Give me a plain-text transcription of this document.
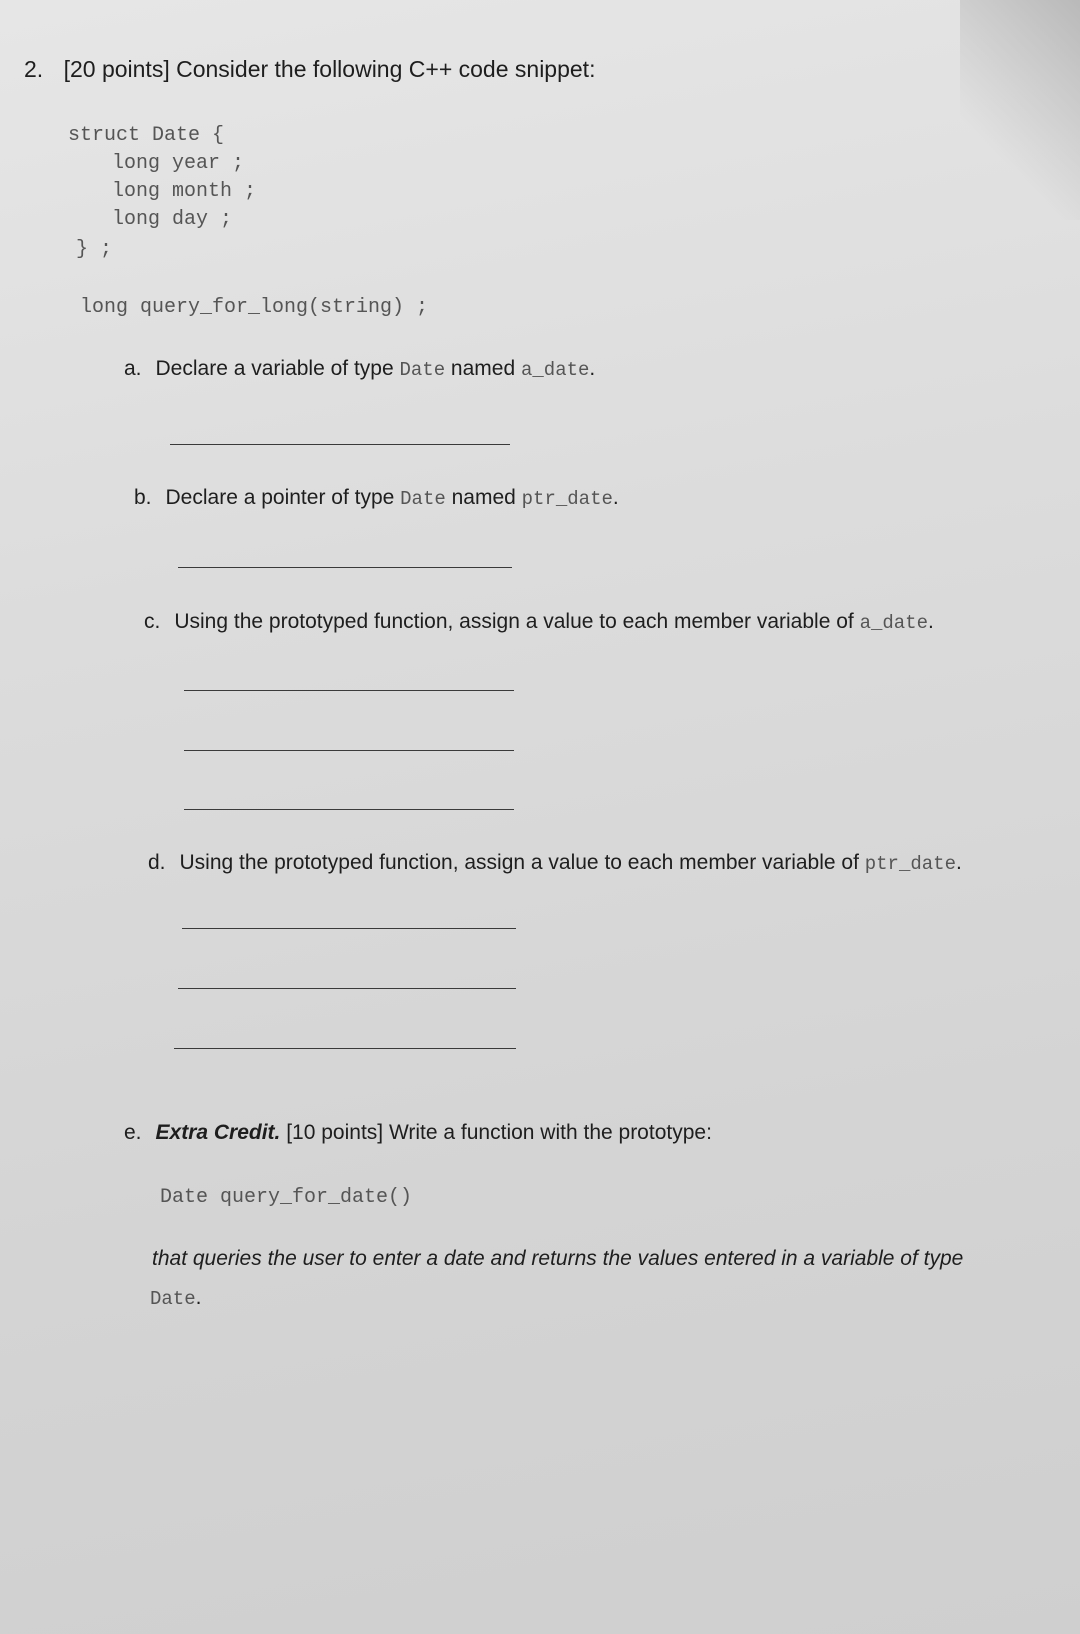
2. [20 points] Consider the following C++ code snippet:
struct Date {
long year ;
long month ;
long day ;
} ;
long query_for_long(string) ;
a. Declare a variable of type Date named a_date.
b. Declare a pointer of type Date named ptr_date.
c. Using the prototyped function, assign a value to each member variable of a_date.
d. Using the prototyped function, assign a value to each member variable of ptr_date.
e. Extra Credit. [10 points] Write a function with the prototype:
Date query_for_date()
that queries the user to enter a date and returns the values entered in a variable of type
Date.
